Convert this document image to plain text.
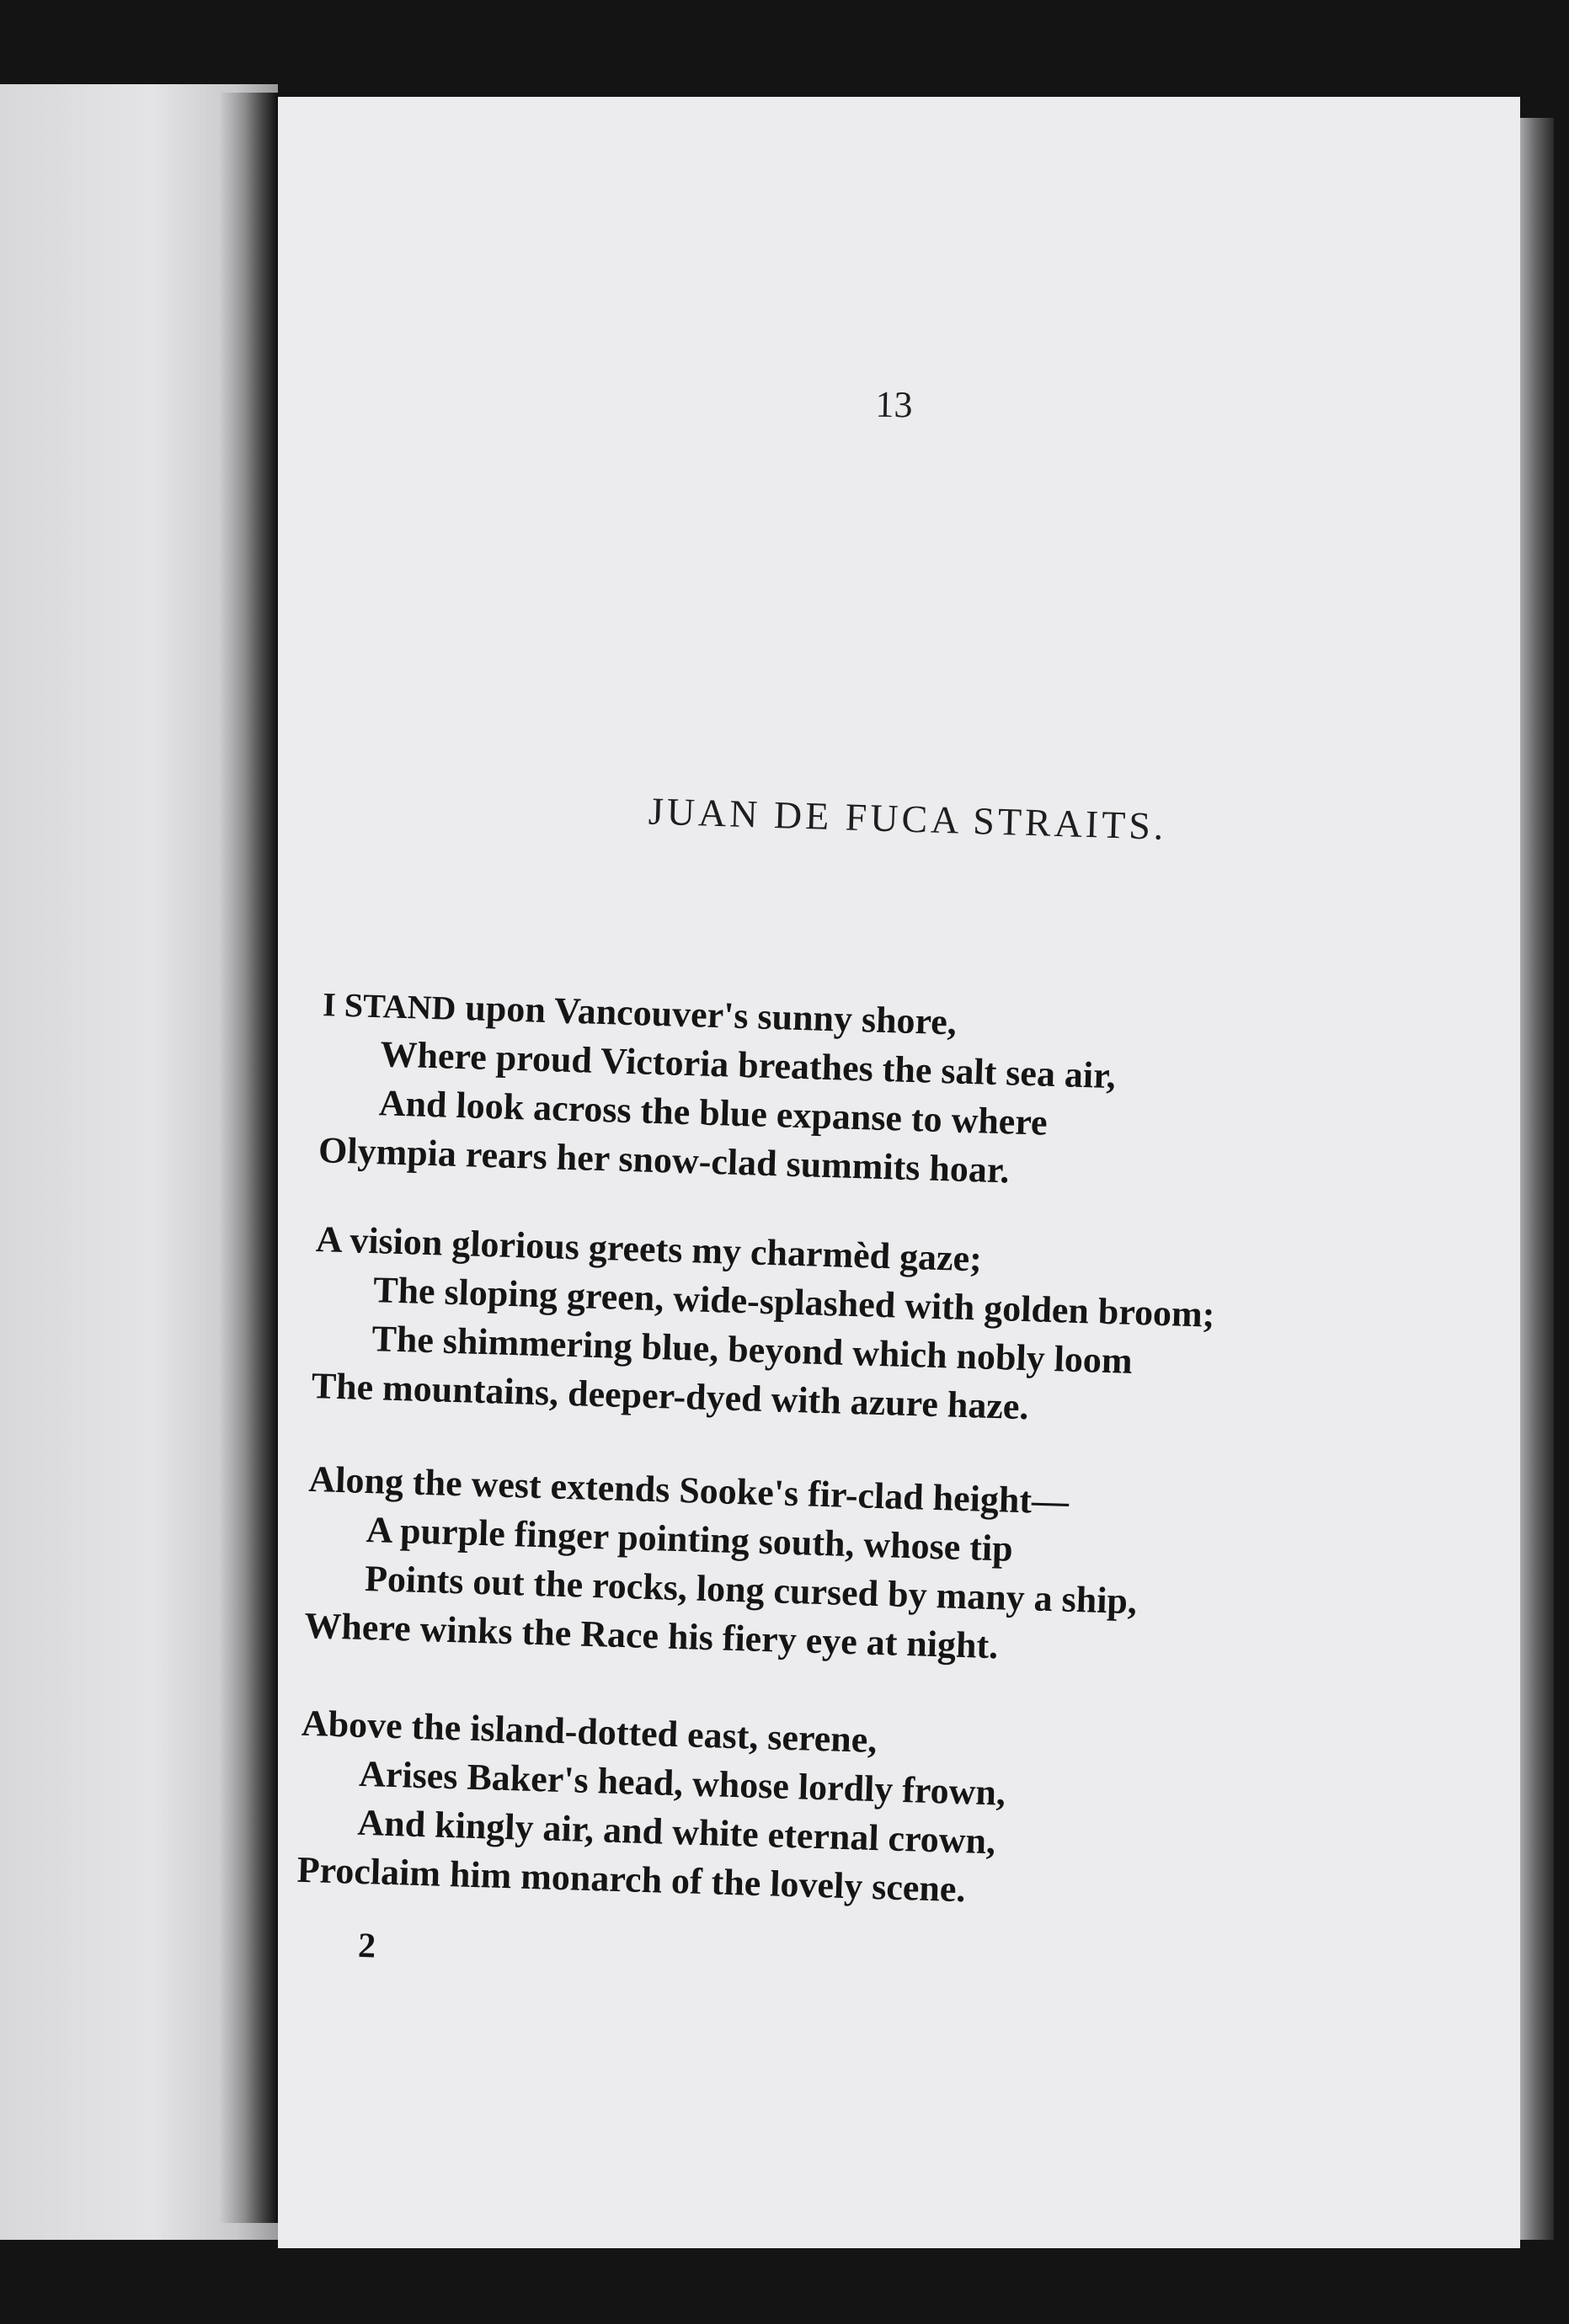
13
JUAN DE FUCA STRAITS.
I STAND upon Vancouver's sunny shore,
Where proud Victoria breathes the salt sea air,
And look across the blue expanse to where
Olympia rears her snow-clad summits hoar.
A vision glorious greets my charmèd gaze;
The sloping green, wide-splashed with golden broom;
The shimmering blue, beyond which nobly loom
The mountains, deeper-dyed with azure haze.
Along the west extends Sooke's fir-clad height—
A purple finger pointing south, whose tip
Points out the rocks, long cursed by many a ship,
Where winks the Race his fiery eye at night.
Above the island-dotted east, serene,
Arises Baker's head, whose lordly frown,
And kingly air, and white eternal crown,
Proclaim him monarch of the lovely scene.
2
